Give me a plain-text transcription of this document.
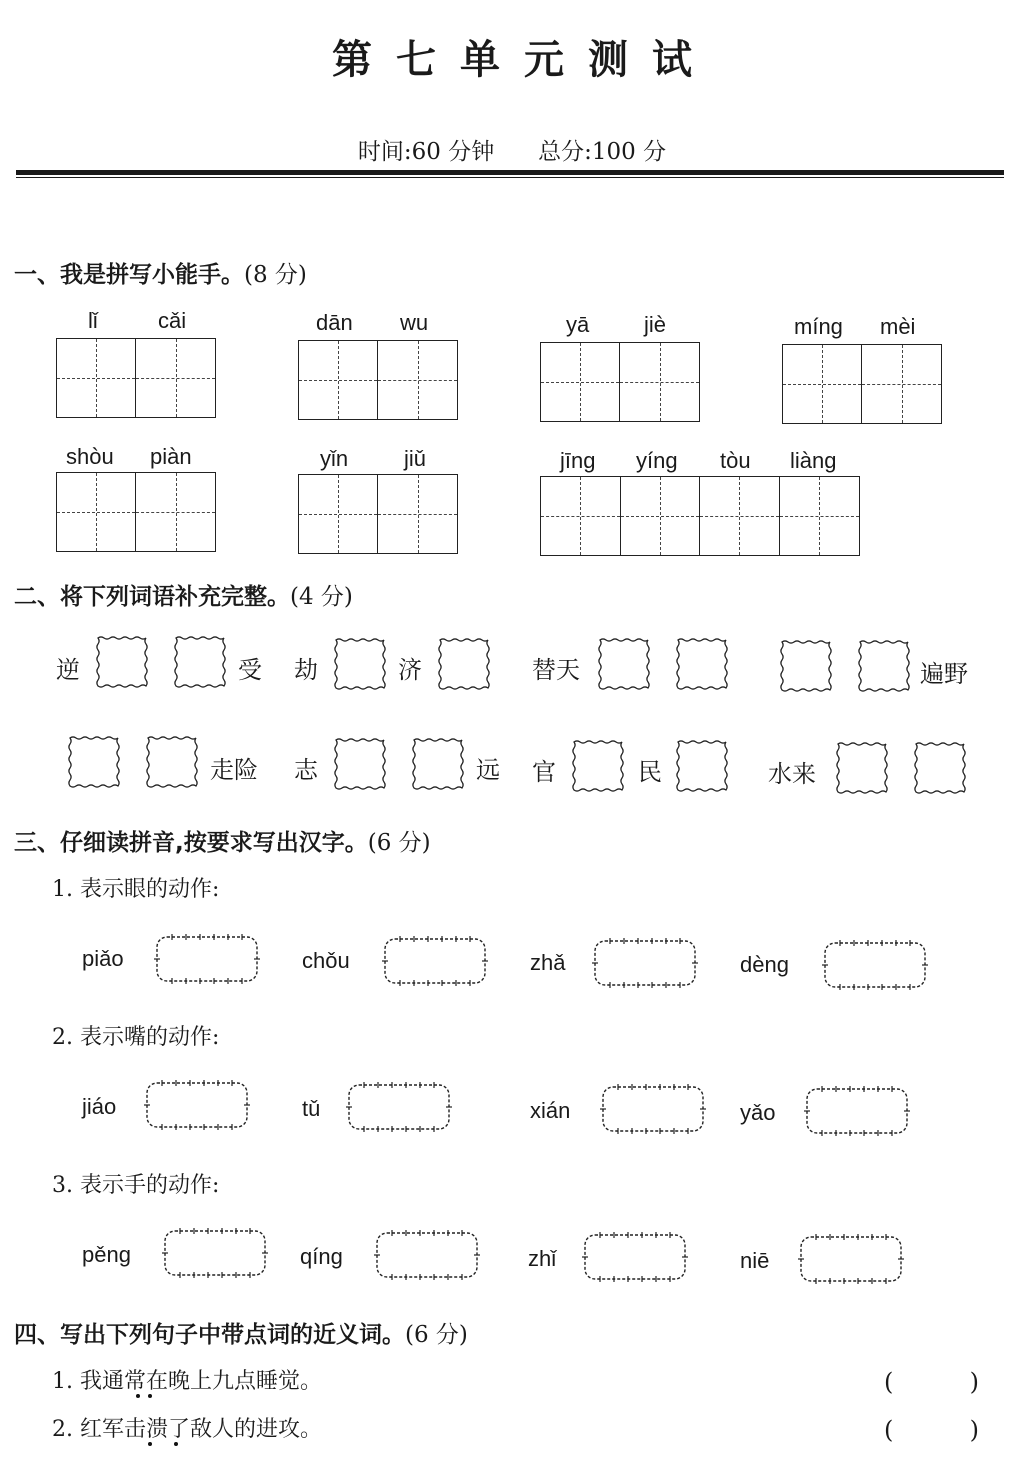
第七单元测试
时间:60 分钟      总分:100 分
一、我是拼写小能手。(8 分)
lǐ	cǎi	dān wu	yā jiè	míng mèi
shòu piàn	yǐn	jiǔ	jīng yíng tòu liàng
二、将下列词语补充完整。(4 分)
逆	受 劫	济	替天	遍野
走险 志	远 官	民	水来
三、仔细读拼音,按要求写出汉字。(6 分)
1. 表示眼的动作:
piǎo	chǒu	zhǎ	dèng
2. 表示嘴的动作:
jiáo	tǔ	xián	yǎo
3. 表示手的动作:
pěng	qíng	zhǐ	niē
四、写出下列句子中带点词的近义词。(6 分)
1. 我通常在晚上九点睡觉。	(          )
2. 红军击溃了敌人的进攻。	(          )
